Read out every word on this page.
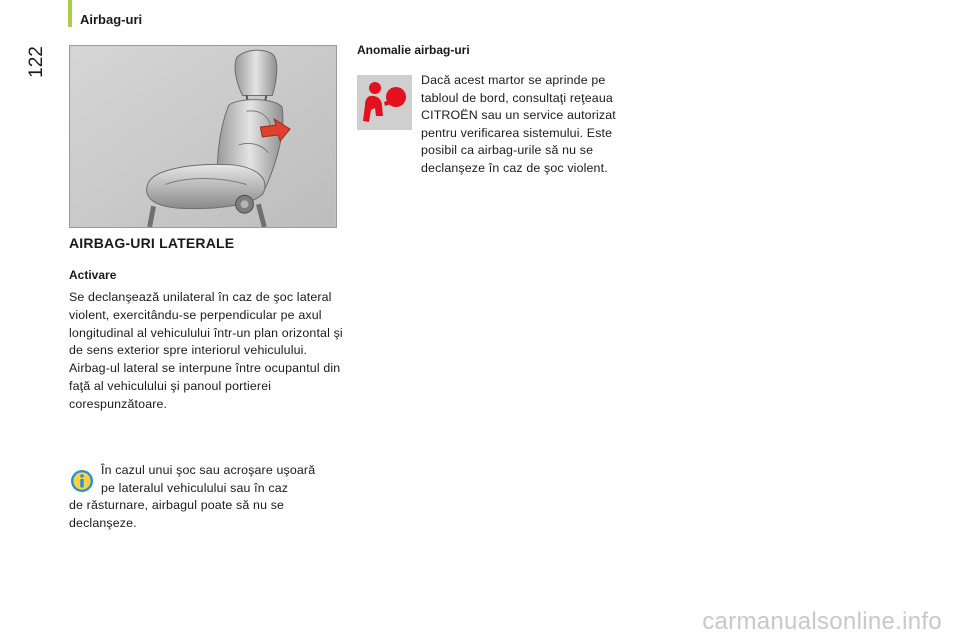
Airbag-uri
122
AIRBAG-URI LATERALE
Activare

Se declanşează unilateral în caz de şoc lateral violent, exercitându-se perpendicular pe axul longitudinal al vehiculului într-un plan orizontal şi de sens exterior spre interiorul vehiculului.

Airbag-ul lateral se interpune între ocupantul din faţă al vehiculului şi panoul portierei corespunzătoare.

În cazul unui şoc sau acroşare uşoară
pe lateralul vehiculului sau în caz
de răsturnare, airbagul poate să nu se declanşeze.
Anomalie airbag-uri
Dacă acest martor se aprinde pe tabloul de bord, consultaţi reţeaua CITROËN sau un service autorizat pentru verificarea sistemului. Este posibil ca airbag-urile să nu se declanşeze în caz de şoc violent.
carmanualsonline.info
